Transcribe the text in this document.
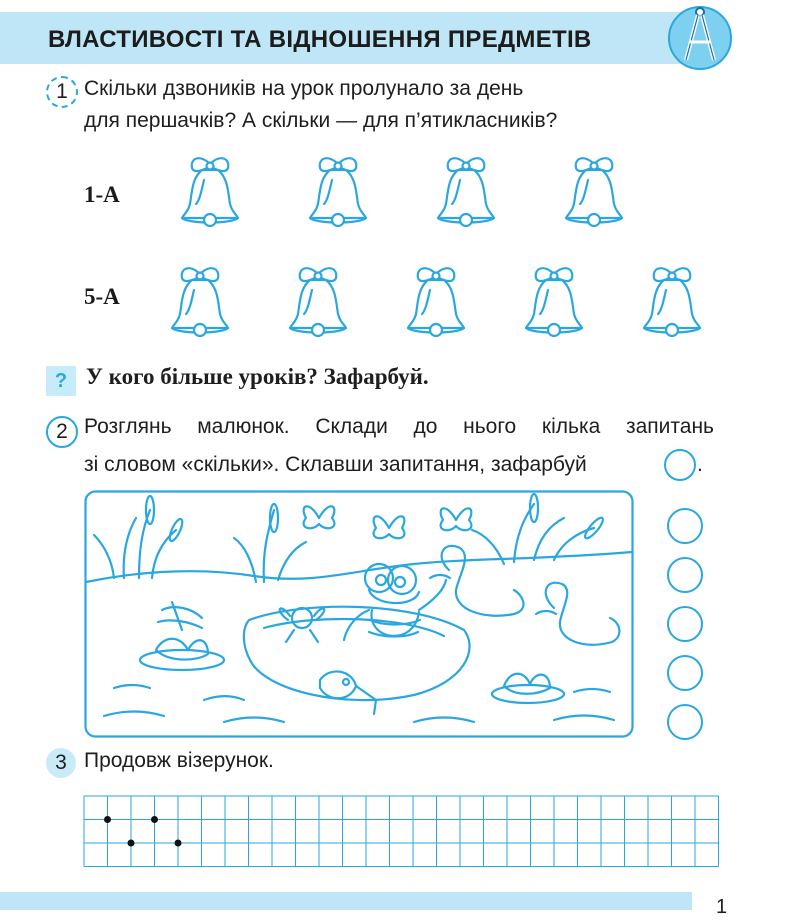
ВЛАСТИВОСТІ ТА ВІДНОШЕННЯ ПРЕДМЕТІВ
1 Скільки дзвоників на урок пролунало за день
для першачків? А скільки — для п’ятикласників?
1-А
5-А
? У кого більше уроків? Зафарбуй.
2 Розглянь малюнок. Склади до нього кілька запитань
зі словом «скільки». Склавши запитання, зафарбуй	.
3 Продовж візерунок.
1
